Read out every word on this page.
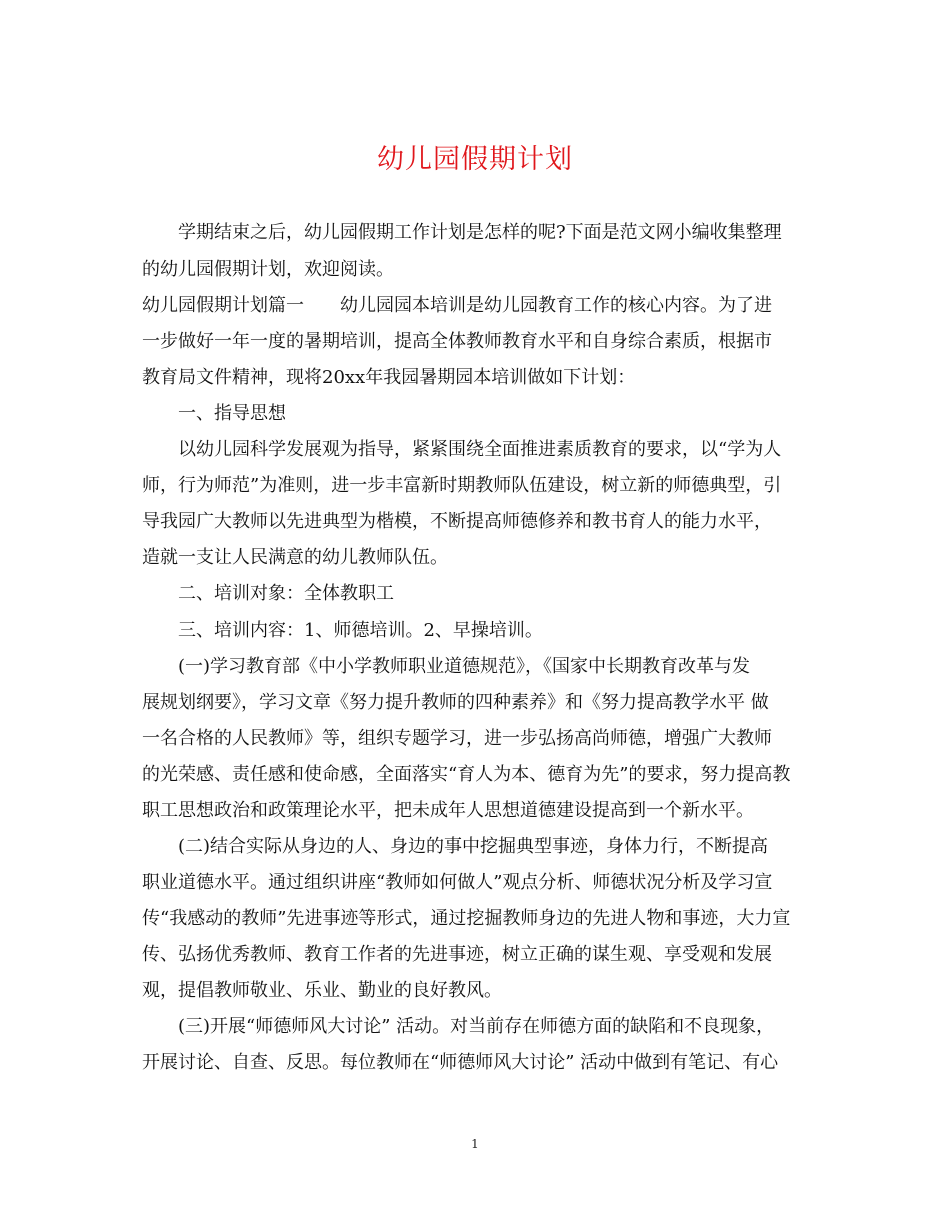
幼儿园假期计划
学期结束之后，幼儿园假期工作计划是怎样的呢?下面是范文网小编收集整理
的幼儿园假期计划，欢迎阅读。
幼儿园假期计划篇一　　幼儿园园本培训是幼儿园教育工作的核心内容。为了进
一步做好一年一度的暑期培训，提高全体教师教育水平和自身综合素质，根据市
教育局文件精神，现将20xx年我园暑期园本培训做如下计划：
一、指导思想
以幼儿园科学发展观为指导，紧紧围绕全面推进素质教育的要求，以“学为人
师，行为师范”为准则，进一步丰富新时期教师队伍建设，树立新的师德典型，引
导我园广大教师以先进典型为楷模，不断提高师德修养和教书育人的能力水平，
造就一支让人民满意的幼儿教师队伍。
二、培训对象：全体教职工
三、培训内容：1、师德培训。2、早操培训。
(一)学习教育部《中小学教师职业道德规范》，《国家中长期教育改革与发
展规划纲要》，学习文章《努力提升教师的四种素养》和《努力提高教学水平 做
一名合格的人民教师》等，组织专题学习，进一步弘扬高尚师德，增强广大教师
的光荣感、责任感和使命感，全面落实“育人为本、德育为先”的要求，努力提高教
职工思想政治和政策理论水平，把未成年人思想道德建设提高到一个新水平。
(二)结合实际从身边的人、身边的事中挖掘典型事迹，身体力行，不断提高
职业道德水平。通过组织讲座“教师如何做人”观点分析、师德状况分析及学习宣
传“我感动的教师”先进事迹等形式，通过挖掘教师身边的先进人物和事迹，大力宣
传、弘扬优秀教师、教育工作者的先进事迹，树立正确的谋生观、享受观和发展
观，提倡教师敬业、乐业、勤业的良好教风。
(三)开展“师德师风大讨论” 活动。对当前存在师德方面的缺陷和不良现象，
开展讨论、自查、反思。每位教师在“师德师风大讨论” 活动中做到有笔记、有心
1
